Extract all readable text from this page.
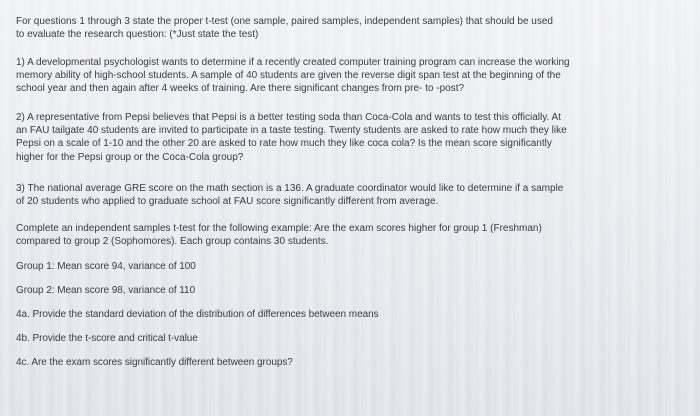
For questions 1 through 3 state the proper t-test (one sample, paired samples, independent samples) that should be used to evaluate the research question: (*Just state the test)
1) A developmental psychologist wants to determine if a recently created computer training program can increase the working memory ability of high-school students. A sample of 40 students are given the reverse digit span test at the beginning of the school year and then again after 4 weeks of training. Are there significant changes from pre- to -post?
2) A representative from Pepsi believes that Pepsi is a better testing soda than Coca-Cola and wants to test this officially. At an FAU tailgate 40 students are invited to participate in a taste testing. Twenty students are asked to rate how much they like Pepsi on a scale of 1-10 and the other 20 are asked to rate how much they like coca cola? Is the mean score significantly higher for the Pepsi group or the Coca-Cola group?
3) The national average GRE score on the math section is a 136. A graduate coordinator would like to determine if a sample of 20 students who applied to graduate school at FAU score significantly different from average.
Complete an independent samples t-test for the following example: Are the exam scores higher for group 1 (Freshman) compared to group 2 (Sophomores). Each group contains 30 students.
Group 1: Mean score 94, variance of 100
Group 2: Mean score 98, variance of 110
4a. Provide the standard deviation of the distribution of differences between means
4b. Provide the t-score and critical t-value
4c. Are the exam scores significantly different between groups?
